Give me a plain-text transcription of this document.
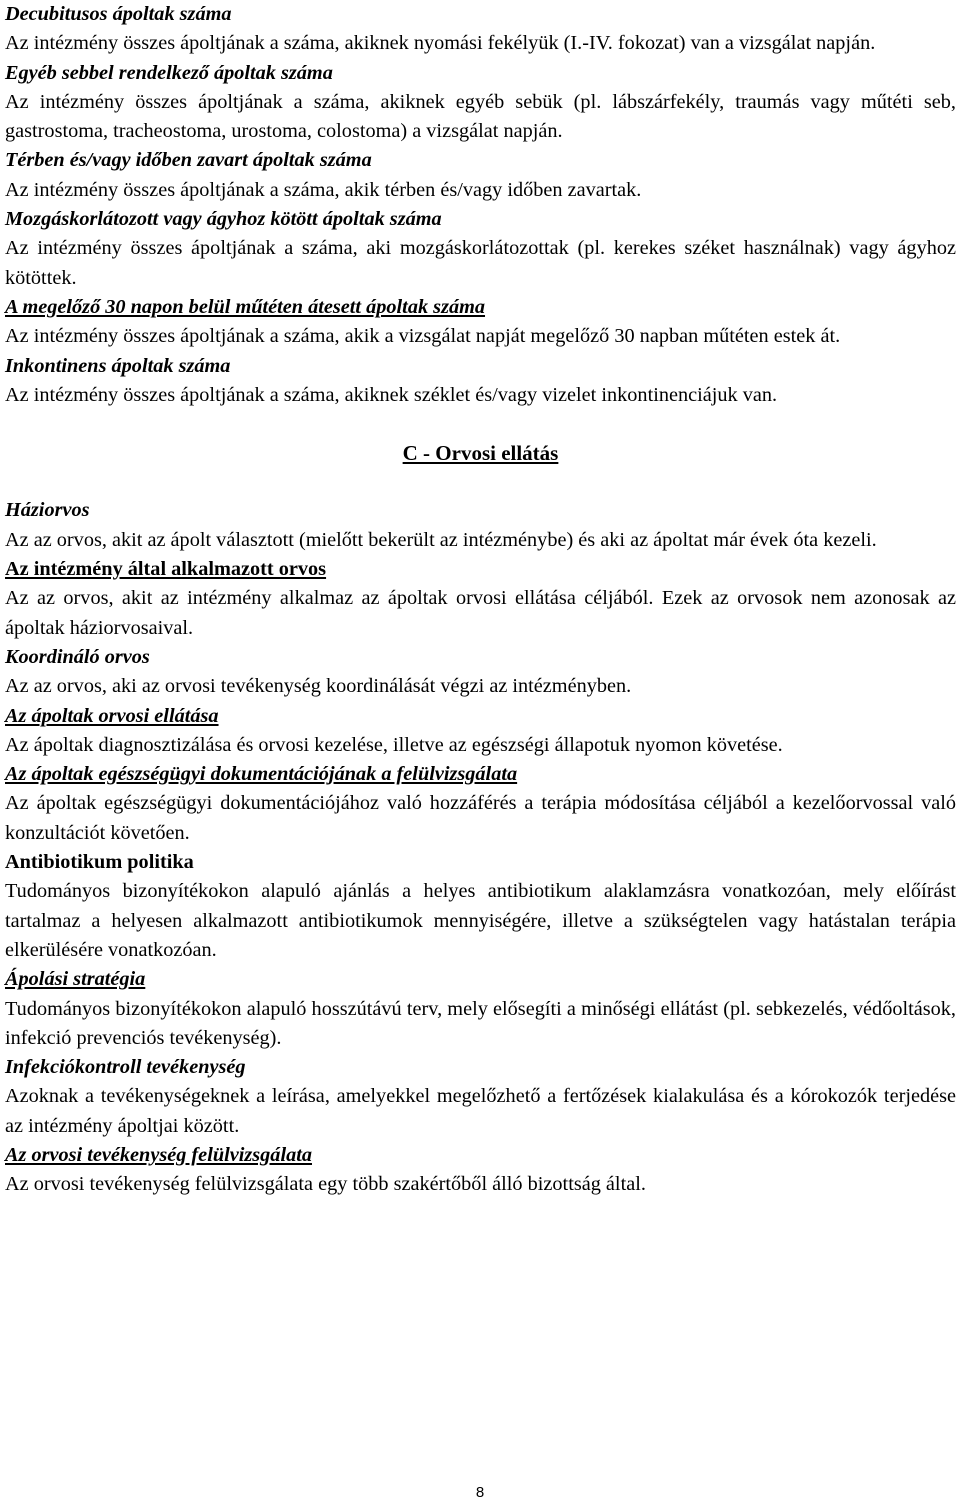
Decubitusos ápoltak száma
Az intézmény összes ápoltjának a száma, akiknek nyomási fekélyük (I.-IV. fokozat) van a vizsgálat napján.
Egyéb sebbel rendelkező ápoltak száma
Az intézmény összes ápoltjának a száma, akiknek egyéb sebük (pl. lábszárfekély, traumás vagy műtéti seb, gastrostoma, tracheostoma, urostoma, colostoma) a vizsgálat napján.
Térben és/vagy időben zavart ápoltak száma
Az intézmény összes ápoltjának a száma, akik térben és/vagy időben zavartak.
Mozgáskorlátozott vagy ágyhoz kötött ápoltak száma
Az intézmény összes ápoltjának a száma, aki mozgáskorlátozottak (pl. kerekes széket használnak) vagy ágyhoz kötöttek.
A megelőző 30 napon belül műtéten átesett ápoltak száma
Az intézmény összes ápoltjának a száma, akik a vizsgálat napját megelőző 30 napban műtéten estek át.
Inkontinens ápoltak száma
Az intézmény összes ápoltjának a száma, akiknek széklet és/vagy vizelet inkontinenciájuk van.
C - Orvosi ellátás
Háziorvos
Az az orvos, akit az ápolt választott (mielőtt bekerült az intézménybe) és aki az ápoltat már évek óta kezeli.
Az intézmény által alkalmazott orvos
Az az orvos, akit az intézmény alkalmaz az ápoltak orvosi ellátása céljából. Ezek az orvosok nem azonosak az ápoltak háziorvosaival.
Koordináló orvos
Az az orvos, aki az orvosi tevékenység koordinálását végzi az intézményben.
Az ápoltak orvosi ellátása
Az ápoltak diagnosztizálása és orvosi kezelése, illetve az egészségi állapotuk nyomon követése.
Az ápoltak egészségügyi dokumentációjának a felülvizsgálata
Az ápoltak egészségügyi dokumentációjához való hozzáférés a terápia módosítása céljából a kezelőorvossal való konzultációt követően.
Antibiotikum politika
Tudományos bizonyítékokon alapuló ajánlás a helyes antibiotikum alaklamzásra vonatkozóan, mely előírást tartalmaz a helyesen alkalmazott antibiotikumok mennyiségére, illetve a szükségtelen vagy hatástalan terápia elkerülésére vonatkozóan.
Ápolási stratégia
Tudományos bizonyítékokon alapuló hosszútávú terv, mely elősegíti a minőségi ellátást (pl. sebkezelés, védőoltások, infekció prevenciós tevékenység).
Infekciókontroll tevékenység
Azoknak a tevékenységeknek a leírása, amelyekkel megelőzhető a fertőzések kialakulása és a kórokozók terjedése az intézmény ápoltjai között.
Az orvosi tevékenység felülvizsgálata
Az orvosi tevékenység felülvizsgálata egy több szakértőből álló bizottság által.
8
